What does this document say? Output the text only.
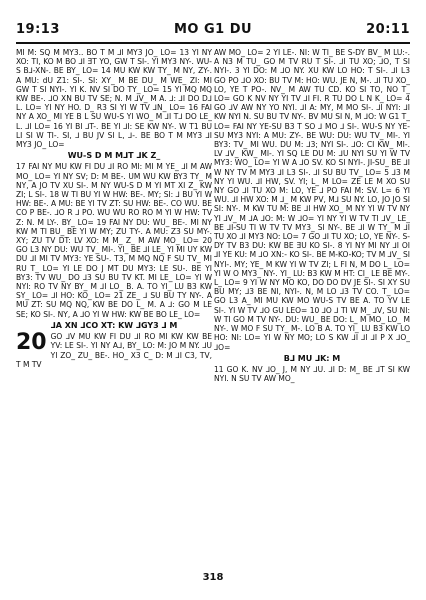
19:13	MO G1 DU	20:11

MI M: SQ M MY3.. BO T M ⅃I MY3 JO_ LO= 13 YI NY XO: TI, KO M BO ⅃I ƎT YO, GW T SI-. YI MY3 NY-. WU-S B⅃-XN-. BE BY_ LO= 14 MU KW KW TY_ M NY, ZY-. A MU: dU Z1: SI-. SI: XY_ M BE DU_ M WE_ ZI: MI GW T SI NYI-. YI K. NV SI DO TY_ LO= 15 YI MQ MQ KW BE-. ⅃O XN BU TV SE; N. M ⅃V_ M A. ⅃: ⅃I DO D⅃ L. LO= YI NY HO. D_ R3 SI YI W TV ⅃N_ LO= 16 FAI NY A XO_ MI YE B L SU WU-S YI WO_ M ⅃I T⅃ DO LE_ L. ⅃I LO= 16 YI BI ⅃T-. BE YI ⅃I: SE KW NY-. W T1 BU LI SI W TI-. SI, ⅃ BU JV SI L, ⅃-. BE BO T M MY3 ⅃I MY3 JO_ LO=

WU-S D M M⅃T ⅃K Z_

17 FAI NY MU KW FI DU ⅃I RO MI: MI M YE_ ⅃I M AW MO_ LO= YI NY SV; D: M BE-. UM WU KW BY3 TY_ M NY, A JO TV XU SI-. M NY WU-S D M YI MT XI Z_ KW ZI; L SI-. 18 W TI BU YI W HW: BE-. MY; SI: ⅃ BU YI W HW: BE-. A MU: BE YI TV ZT: SU HW: BE-. CO WU. BE CO P BE-. ⅃O R ⅃ PO. WU WU RO RO M YI W HW: TV Z: N. M LY-. BY_ LO= 19 FAI NY DU: WU_ BE-. MI NY KW M TI BU_ BE YI W MY; ZU TY-. A MU: Z3 SU MY-. XY; ZU TV DT: LV XO: M M_ Z_ M AW MO_ LO= 20 GO L3 NY DU: WU TV_ MI-. YI_ BE ⅃I LE_ YI MI UY KW DU ⅃I MI TV MY3: YE SU-. T3, M MQ NQ F SU TV_ MI RU T_ LO= YI LE DO J MT DU MY3: LE SU-. BE YI BY3: TV WU_ DO ⅃3 SU BU TV KT. MI LE_ LO= YI W NYI: RO TV NY BY_ M ⅃I LO_ B. A. TO YI_ LU B3 KW SY_ LO= ⅃I HO: KO_ LO= 21 ZE_ ⅃ SU BU TY NY-. A MU ZT: SU MQ NQ, KW BE DO L_ M. A ⅃: GO M LE SE; KO SI-. NY, A ⅃O YI W HW: KW BE BO LE_ LO=

⅃A XN ⅃CO XT: KW ⅃GY3 ⅃ M

20 GO ⅃V MU KW FI DU ⅃I RO MI KW KW BE YV: LE SI-. YI NY A⅃, BY_ LO: M: JO M NY. ⅃U YI ZO_ ZU_ BE-. HO_ X3 C_ D: M ⅃I C3, TV, T M TV

AW MO_ LO= 2 YI LE-. NI: W TI_ BE S-DY BV_ M LU:-. A N3 M TU_ GO M TV RU T SI-. ⅃I TU XO; ⅃O, T SI NYI-. 3 YI DO: M ⅃O NY. XU KW LO HO: T SI-. ⅃I L3 GO PO ⅃O XO: BU TV M: HO: WU. JE N, M-. ⅃I TU XO_ LO, YE T PO-. NV_ M AW TU CD. KO SI TO, NO T_ LO= GO K NV NY YI TV ⅃I FI. R TU DO L N K_ LO= 4 GO ⅃V AW NY YO NYI. ⅃I A: MY, M MO SI-. ⅃I NYI: ⅃I KW NYI N. SU BU TV NY-. BV MU SI N, M ⅃O: W G1 T_ LO= FAI NY YE-SU B3 T SO ⅃ MO ⅃ SI-. WU-S NY YE-SU MY3 NYI: A MU: ZY-. BE WU: DU: WU TV_ MI-. YI BY3: TV_ MI WU. DU M: ⅃3; NYI SI-. ⅃O: CI KW_ MI-. LV ⅃V_ KW_ MI-. YI SQ LE DU M: ⅃U NYI SU YI W TV MY3: WO_ LO= YI W A ⅃O SV. KO SI NYI-. JI-SU_ BE ⅃I W NY TV M MY3 ⅃I L3 SI-. ⅃I SU BU TV_ LO= 5 ⅃3 M NY YI WU. ⅃I HW, SV. YI; L_ M LO= ZE LE M XO SU NY GO ⅃I TU XO M: LO, YE ⅃ PO FAI M: SV. L= 6 YI WU. ⅃I HW XO: M ⅃_ M KW PV, M⅃ SU NY. LO, JO JO SI SI: NY-. M KW TU M: BE ⅃I HW XO_ M NY YI W TV NY YI ⅃V_ M ⅃A ⅃O: M: W ⅃O= YI NY YI W TV TI ⅃V_ LE_ BE ⅃I-SU TI W TV TV MY3_ SI NY-. BE ⅃I W TY_ M ⅃I TU XO ⅃I MY3 NO: LO= 7 GO ⅃I TU XO; LO, YE NY-. S-DY TV B3 DU: KW BE ƎU KO SI-. 8 YI NY MI NY ⅃I OI ⅃I YE KU: M ⅃O XN:- KO SI-. BE M-KO-KO; TV M ⅃V_ SI NYI-. MY; YE_ M KW YI W TV ZI; L FI N, M DO L_ LO= YI W O MY3_ NY-. YI_ LU: B3 KW M HT: CI_ LE BE MY-. L_ LO= 9 YI W NY MO KO, DO DO DV JE SI-. SI XY SU BU MY; ⅃3 BE NI, NYI-. N, M LO ⅃3 TV CO. T_ LO= GO L3 A_ MI MU KW MO WU-S TV BE A. TO YV LE SI-. YI W TV ⅃O GU LEO= 10 ⅃O ⅃ TI W M_ ⅃V, SU NI: W TI GO M TV NY-. DU: WU_ BE DO: L_ M MO_ LO_ M NY-. W MO F SU TY_ M-. LO B A. TO YI_ LU B3 KW LO HO: NI: LO= YI W NY MO; LO S KW ⅃I ⅃I ⅃I P X ⅃O_ ⅃O=

B⅃ MU ⅃K: M

11 GO K. NV ⅃O_ J, M NY ⅃U. ⅃I D: M_ BE ⅃T SI KW NYI. N SU TV AW MO_

318
